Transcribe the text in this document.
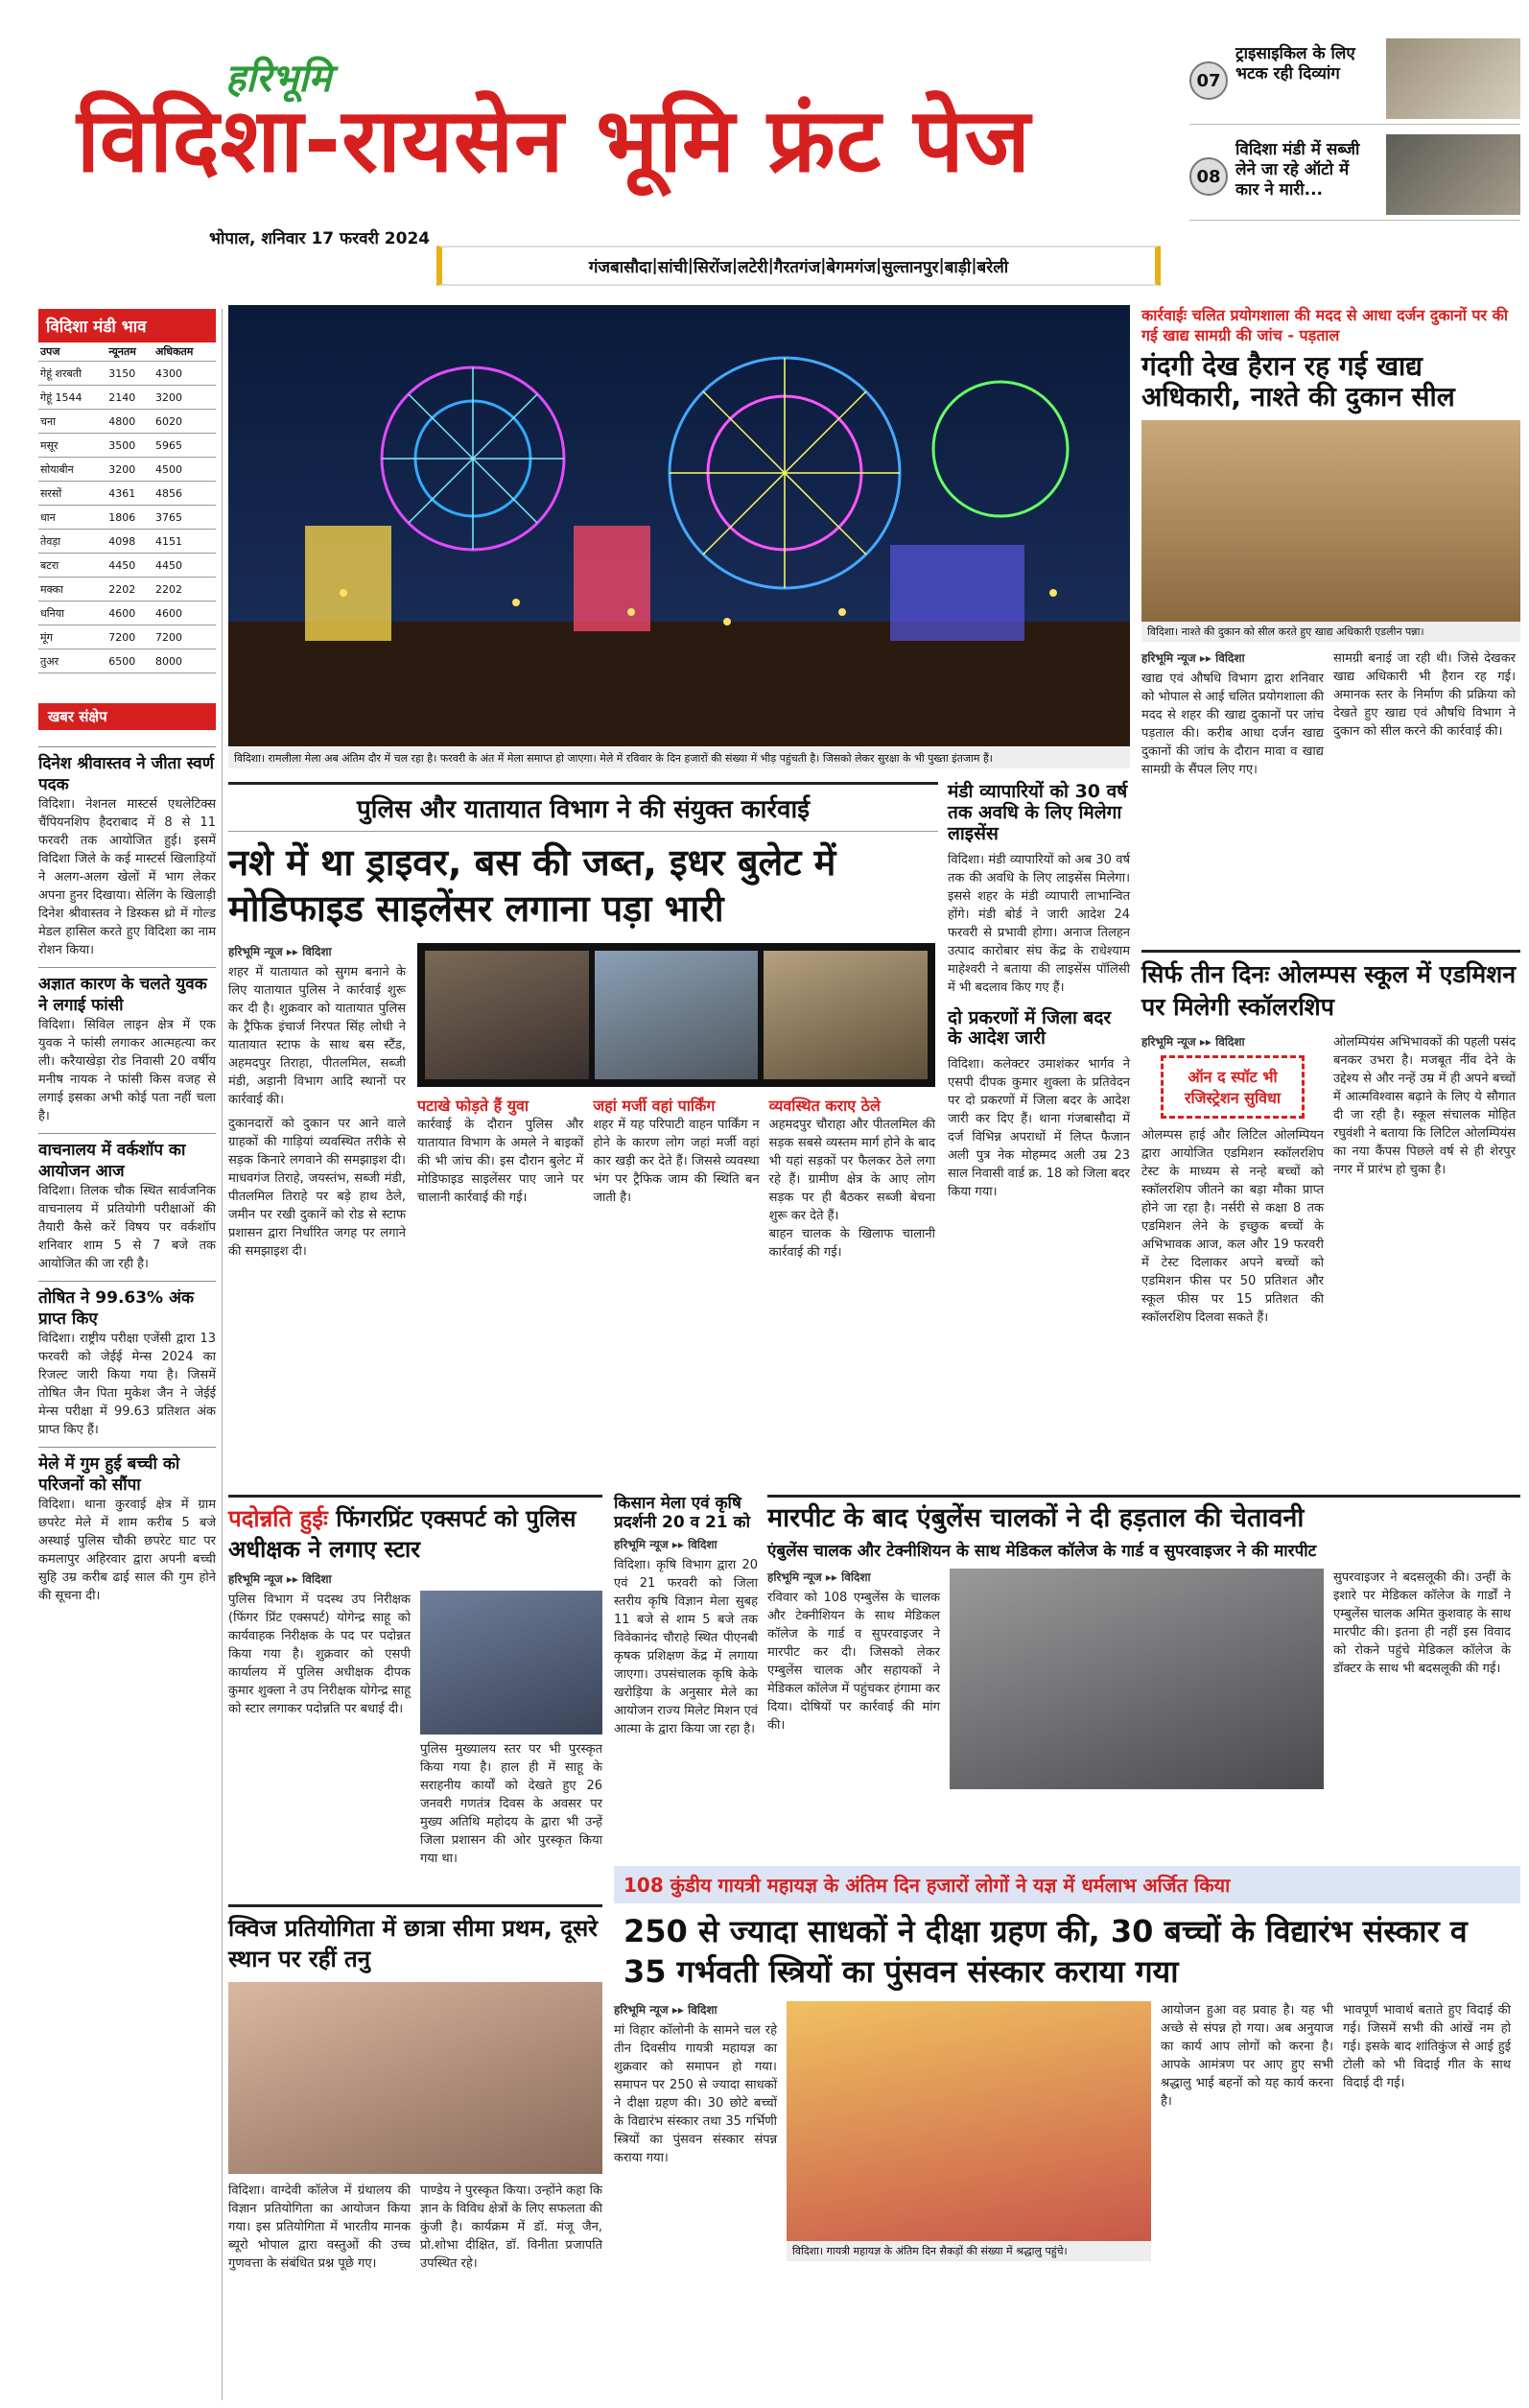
हरिभूमि
विदिशा-रायसेन भूमि फ्रंट पेज
भोपाल, शनिवार 17 फरवरी 2024
गंजबासौदा | सांची | सिरोंज | लटेरी | गैरतगंज | बेगमगंज | सुल्तानपुर | बाड़ी | बरेली
07
ट्राइसाइकिल के लिए भटक रही दिव्यांग
08
विदिशा मंडी में सब्जी लेने जा रहे ऑटो में कार ने मारी...
विदिशा मंडी भाव
उपज	न्यूनतम	अधिकतम
गेहूं शरबती	3150	4300
गेहूं 1544	2140	3200
चना	4800	6020
मसूर	3500	5965
सोयाबीन	3200	4500
सरसों	4361	4856
धान	1806	3765
तेवड़ा	4098	4151
बटरा	4450	4450
मक्का	2202	2202
धनिया	4600	4600
मूंग	7200	7200
तुअर	6500	8000
खबर संक्षेप
दिनेश श्रीवास्तव ने जीता स्वर्ण पदक
विदिशा। नेशनल मास्टर्स एथलेटिक्स चैंपियनशिप हैदराबाद में 8 से 11 फरवरी तक आयोजित हुई। इसमें विदिशा जिले के कई मास्टर्स खिलाड़ियों ने अलग-अलग खेलों में भाग लेकर अपना हुनर दिखाया। सेलिंग के खिलाड़ी दिनेश श्रीवास्तव ने डिस्कस थ्रो में गोल्ड मेडल हासिल करते हुए विदिशा का नाम रोशन किया।
अज्ञात कारण के चलते युवक ने लगाई फांसी
विदिशा। सिविल लाइन क्षेत्र में एक युवक ने फांसी लगाकर आत्महत्या कर ली। करैयाखेड़ा रोड निवासी 20 वर्षीय मनीष नायक ने फांसी किस वजह से लगाई इसका अभी कोई पता नहीं चला है।
वाचनालय में वर्कशॉप का आयोजन आज
विदिशा। तिलक चौक स्थित सार्वजनिक वाचनालय में प्रतियोगी परीक्षाओं की तैयारी कैसे करें विषय पर वर्कशॉप शनिवार शाम 5 से 7 बजे तक आयोजित की जा रही है।
तोषित ने 99.63% अंक प्राप्त किए
विदिशा। राष्ट्रीय परीक्षा एजेंसी द्वारा 13 फरवरी को जेईई मेन्स 2024 का रिजल्ट जारी किया गया है। जिसमें तोषित जैन पिता मुकेश जैन ने जेईई मेन्स परीक्षा में 99.63 प्रतिशत अंक प्राप्त किए हैं।
मेले में गुम हुई बच्ची को परिजनों को सौंपा
विदिशा। थाना कुरवाई क्षेत्र में ग्राम छपरेट मेले में शाम करीब 5 बजे अस्थाई पुलिस चौकी छपरेट घाट पर कमलापुर अहिरवार द्वारा अपनी बच्ची सुहि उम्र करीब ढाई साल की गुम होने की सूचना दी।
विदिशा। रामलीला मेला अब अंतिम दौर में चल रहा है। फरवरी के अंत में मेला समाप्त हो जाएगा। मेले में रविवार के दिन हजारों की संख्या में भीड़ पहुंचती है। जिसको लेकर सुरक्षा के भी पुख्ता इंतजाम हैं।
कार्रवाईः चलित प्रयोगशाला की मदद से आधा दर्जन दुकानों पर की गई खाद्य सामग्री की जांच - पड़ताल
गंदगी देख हैरान रह गई खाद्य अधिकारी, नाश्ते की दुकान सील
विदिशा। नाश्ते की दुकान को सील करते हुए खाद्य अधिकारी एडलीन पन्ना।
हरिभूमि न्यूज ▸▸ विदिशा
खाद्य एवं औषधि विभाग द्वारा शनिवार को भोपाल से आई चलित प्रयोगशाला की मदद से शहर की खाद्य दुकानों पर जांच पड़ताल की। करीब आधा दर्जन खाद्य दुकानों की जांच के दौरान मावा व खाद्य सामग्री के सैंपल लिए गए।
सामग्री बनाई जा रही थी। जिसे देखकर खाद्य अधिकारी भी हैरान रह गई। अमानक स्तर के निर्माण की प्रक्रिया को देखते हुए खाद्य एवं औषधि विभाग ने दुकान को सील करने की कार्रवाई की।
पुलिस और यातायात विभाग ने की संयुक्त कार्रवाई
नशे में था ड्राइवर, बस की जब्त, इधर बुलेट में मोडिफाइड साइलेंसर लगाना पड़ा भारी
हरिभूमि न्यूज ▸▸ विदिशा
शहर में यातायात को सुगम बनाने के लिए यातायात पुलिस ने कार्रवाई शुरू कर दी है। शुक्रवार को यातायात पुलिस के ट्रैफिक इंचार्ज निरपत सिंह लोधी ने यातायात स्टाफ के साथ बस स्टैंड, अहमदपुर तिराहा, पीतलमिल, सब्जी मंडी, अड़ानी विभाग आदि स्थानों पर कार्रवाई की।
दुकानदारों को दुकान पर आने वाले ग्राहकों की गाड़ियां व्यवस्थित तरीके से सड़क किनारे लगवाने की समझाइश दी। माधवगंज तिराहे, जयस्तंभ, सब्जी मंडी, पीतलमिल तिराहे पर बड़े हाथ ठेले, जमीन पर रखी दुकानें को रोड से स्टाफ प्रशासन द्वारा निर्धारित जगह पर लगाने की समझाइश दी।
पटाखे फोड़ते हैं युवा
कार्रवाई के दौरान पुलिस और यातायात विभाग के अमले ने बाइकों की भी जांच की। इस दौरान बुलेट में मोडिफाइड साइलेंसर पाए जाने पर चालानी कार्रवाई की गई।
जहां मर्जी वहां पार्किंग
शहर में यह परिपाटी वाहन पार्किंग न होने के कारण लोग जहां मर्जी वहां कार खड़ी कर देते हैं। जिससे व्यवस्था भंग पर ट्रैफिक जाम की स्थिति बन जाती है।
व्यवस्थित कराए ठेले
अहमदपुर चौराहा और पीतलमिल की सड़क सबसे व्यस्तम मार्ग होने के बाद भी यहां सड़कों पर फैलकर ठेले लगा रहे हैं। ग्रामीण क्षेत्र के आए लोग सड़क पर ही बैठकर सब्जी बेचना शुरू कर देते हैं।
बाहन चालक के खिलाफ चालानी कार्रवाई की गई।
मंडी व्यापारियों को 30 वर्ष तक अवधि के लिए मिलेगा लाइसेंस
विदिशा। मंडी व्यापारियों को अब 30 वर्ष तक की अवधि के लिए लाइसेंस मिलेगा। इससे शहर के मंडी व्यापारी लाभान्वित होंगे। मंडी बोर्ड ने जारी आदेश 24 फरवरी से प्रभावी होगा। अनाज तिलहन उत्पाद कारोबार संघ केंद्र के राधेश्याम माहेश्वरी ने बताया की लाइसेंस पॉलिसी में भी बदलाव किए गए हैं।
दो प्रकरणों में जिला बदर के आदेश जारी
विदिशा। कलेक्टर उमाशंकर भार्गव ने एसपी दीपक कुमार शुक्ला के प्रतिवेदन पर दो प्रकरणों में जिला बदर के आदेश जारी कर दिए हैं। थाना गंजबासौदा में दर्ज विभिन्न अपराधों में लिप्त फैजान अली पुत्र नेक मोहम्मद अली उम्र 23 साल निवासी वार्ड क्र. 18 को जिला बदर किया गया।
सिर्फ तीन दिनः ओलम्पस स्कूल में एडमिशन पर मिलेगी स्कॉलरशिप
हरिभूमि न्यूज ▸▸ विदिशा
ऑन द स्पॉट भी रजिस्ट्रेशन सुविधा
ओलम्पस हाई और लिटिल ओलम्पियन द्वारा आयोजित एडमिशन स्कॉलरशिप टेस्ट के माध्यम से नन्हे बच्चों को स्कॉलरशिप जीतने का बड़ा मौका प्राप्त होने जा रहा है। नर्सरी से कक्षा 8 तक एडमिशन लेने के इच्छुक बच्चों के अभिभावक आज, कल और 19 फरवरी में टेस्ट दिलाकर अपने बच्चों को एडमिशन फीस पर 50 प्रतिशत और स्कूल फीस पर 15 प्रतिशत की स्कॉलरशिप दिलवा सकते हैं।
ओलम्पियंस अभिभावकों की पहली पसंद बनकर उभरा है। मजबूत नींव देने के उद्देश्य से और नन्हें उम्र में ही अपने बच्चों में आत्मविश्वास बढ़ाने के लिए ये सौगात दी जा रही है। स्कूल संचालक मोहित रघुवंशी ने बताया कि लिटिल ओलम्पियंस का नया कैंपस पिछले वर्ष से ही शेरपुर नगर में प्रारंभ हो चुका है।
पदोन्नति हुईः फिंगरप्रिंट एक्सपर्ट को पुलिस अधीक्षक ने लगाए स्टार
हरिभूमि न्यूज ▸▸ विदिशा
पुलिस विभाग में पदस्थ उप निरीक्षक (फिंगर प्रिंट एक्सपर्ट) योगेन्द्र साहू को कार्यवाहक निरीक्षक के पद पर पदोन्नत किया गया है। शुक्रवार को एसपी कार्यालय में पुलिस अधीक्षक दीपक कुमार शुक्ला ने उप निरीक्षक योगेन्द्र साहू को स्टार लगाकर पदोन्नति पर बधाई दी।
पुलिस मुख्यालय स्तर पर भी पुरस्कृत किया गया है। हाल ही में साहू के सराहनीय कार्यों को देखते हुए 26 जनवरी गणतंत्र दिवस के अवसर पर मुख्य अतिथि महोदय के द्वारा भी उन्हें जिला प्रशासन की ओर पुरस्कृत किया गया था।
किसान मेला एवं कृषि प्रदर्शनी 20 व 21 को
हरिभूमि न्यूज ▸▸ विदिशा
विदिशा। कृषि विभाग द्वारा 20 एवं 21 फरवरी को जिला स्तरीय कृषि विज्ञान मेला सुबह 11 बजे से शाम 5 बजे तक विवेकानंद चौराहे स्थित पीएनबी कृषक प्रशिक्षण केंद्र में लगाया जाएगा। उपसंचालक कृषि केके खरोड़िया के अनुसार मेले का आयोजन राज्य मिलेट मिशन एवं आत्मा के द्वारा किया जा रहा है।
मारपीट के बाद एंबुलेंस चालकों ने दी हड़ताल की चेतावनी
एंबुलेंस चालक और टेक्नीशियन के साथ मेडिकल कॉलेज के गार्ड व सुपरवाइजर ने की मारपीट
हरिभूमि न्यूज ▸▸ विदिशा
रविवार को 108 एम्बुलेंस के चालक और टेक्नीशियन के साथ मेडिकल कॉलेज के गार्ड व सुपरवाइजर ने मारपीट कर दी। जिसको लेकर एम्बुलेंस चालक और सहायकों ने मेडिकल कॉलेज में पहुंचकर हंगामा कर दिया। दोषियों पर कार्रवाई की मांग की।
सुपरवाइजर ने बदसलूकी की। उन्हीं के इशारे पर मेडिकल कॉलेज के गार्डों ने एम्बुलेंस चालक अमित कुशवाह के साथ मारपीट की। इतना ही नहीं इस विवाद को रोकने पहुंचे मेडिकल कॉलेज के डॉक्टर के साथ भी बदसलूकी की गई।
क्विज प्रतियोगिता में छात्रा सीमा प्रथम, दूसरे स्थान पर रहीं तनु
विदिशा। वाग्देवी कॉलेज में ग्रंथालय की विज्ञान प्रतियोगिता का आयोजन किया गया। इस प्रतियोगिता में भारतीय मानक ब्यूरो भोपाल द्वारा वस्तुओं की उच्च गुणवत्ता के संबंधित प्रश्न पूछे गए।
पाण्डेय ने पुरस्कृत किया। उन्होंने कहा कि ज्ञान के विविध क्षेत्रों के लिए सफलता की कुंजी है। कार्यक्रम में डॉ. मंजू जैन, प्रो.शोभा दीक्षित, डॉ. विनीता प्रजापति उपस्थित रहे।
108 कुंडीय गायत्री महायज्ञ के अंतिम दिन हजारों लोगों ने यज्ञ में धर्मलाभ अर्जित किया
250 से ज्यादा साधकों ने दीक्षा ग्रहण की, 30 बच्चों के विद्यारंभ संस्कार व 35 गर्भवती स्त्रियों का पुंसवन संस्कार कराया गया
हरिभूमि न्यूज ▸▸ विदिशा
मां विहार कॉलोनी के सामने चल रहे तीन दिवसीय गायत्री महायज्ञ का शुक्रवार को समापन हो गया। समापन पर 250 से ज्यादा साधकों ने दीक्षा ग्रहण की। 30 छोटे बच्चों के विद्यारंभ संस्कार तथा 35 गर्भिणी स्त्रियों का पुंसवन संस्कार संपन्न कराया गया।
विदिशा। गायत्री महायज्ञ के अंतिम दिन सैकड़ों की संख्या में श्रद्धालु पहुंचे।
आयोजन हुआ वह प्रवाह है। यह भी अच्छे से संपन्न हो गया। अब अनुयाज का कार्य आप लोगों को करना है। आपके आमंत्रण पर आए हुए सभी श्रद्धालु भाई बहनों को यह कार्य करना है।
भावपूर्ण भावार्थ बताते हुए विदाई की गई। जिसमें सभी की आंखें नम हो गई। इसके बाद शांतिकुंज से आई हुई टोली को भी विदाई गीत के साथ विदाई दी गई।
